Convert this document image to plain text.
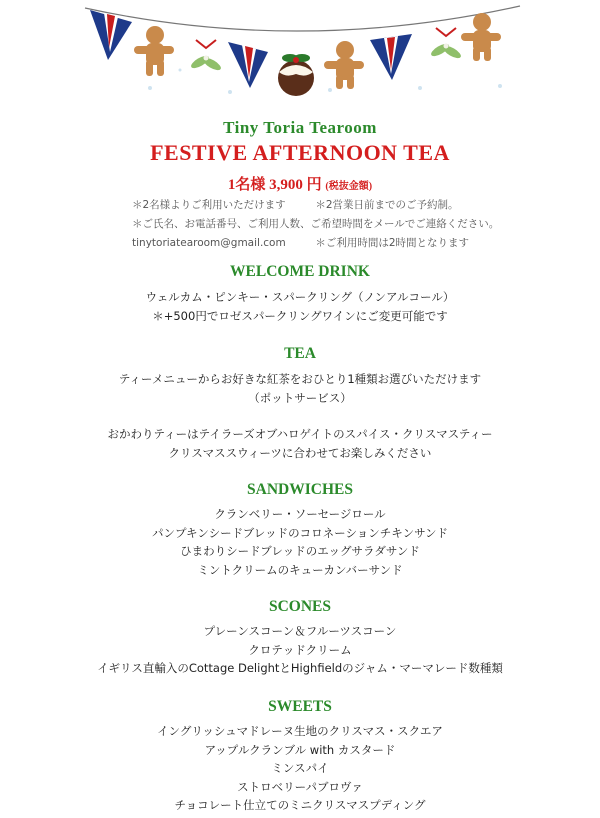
Tiny Toria Tearoom
FESTIVE AFTERNOON TEA
1名様 3,900 円 (税抜金額)
＊2名様よりご利用いただけます	＊2営業日前までのご予約制。
＊ご氏名、お電話番号、ご利用人数、ご希望時間をメールでご連絡ください。
tinytoriatearoom@gmail.com	＊ご利用時間は2時間となります
WELCOME DRINK
ウェルカム・ピンキー・スパークリング（ノンアルコール）
＊+500円でロゼスパークリングワインにご変更可能です
TEA
ティーメニューからお好きな紅茶をおひとり1種類お選びいただけます
（ポットサービス）
おかわりティーはテイラーズオブハロゲイトのスパイス・クリスマスティー
クリスマススウィーツに合わせてお楽しみください
SANDWICHES
クランベリー・ソーセージロール
パンプキンシードブレッドのコロネーションチキンサンド
ひまわりシードブレッドのエッグサラダサンド
ミントクリームのキューカンバーサンド
SCONES
プレーンスコーン＆フルーツスコーン
クロテッドクリーム
イギリス直輸入のCottage DelightとHighfieldのジャム・マーマレード数種類
SWEETS
イングリッシュマドレーヌ生地のクリスマス・スクエア
アップルクランブル with カスタード
ミンスパイ
ストロベリーパブロヴァ
チョコレート仕立てのミニクリスマスプディング
